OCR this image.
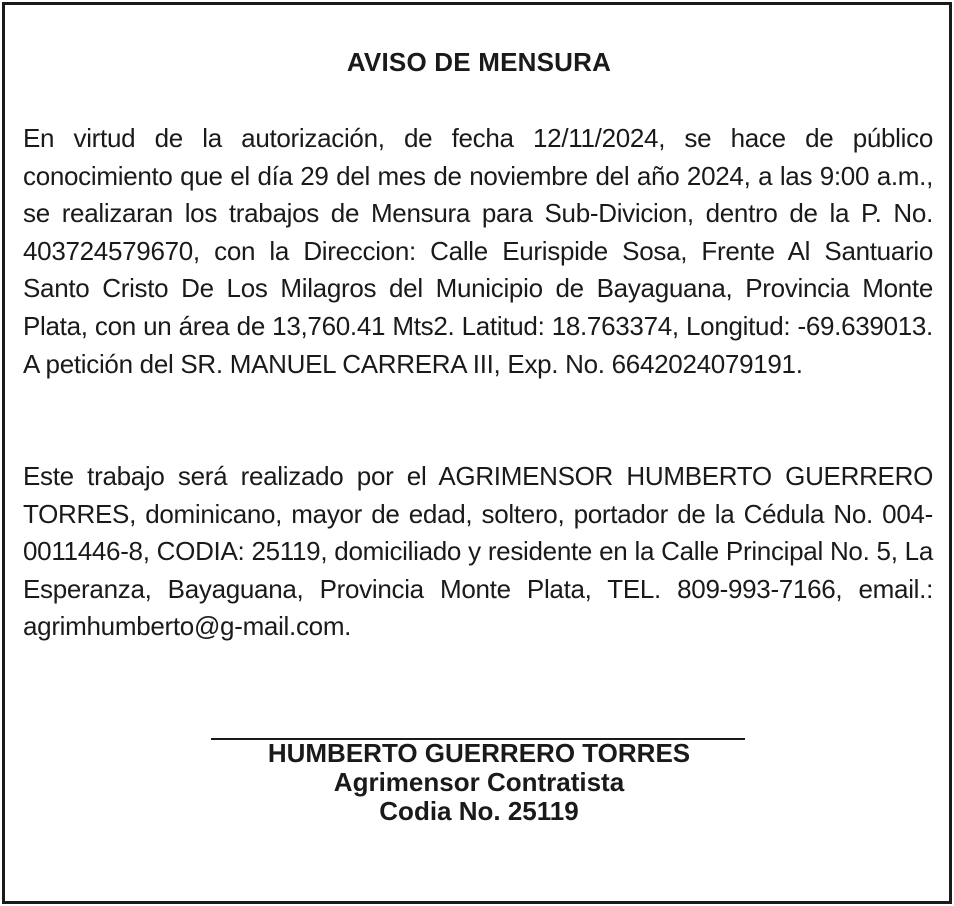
AVISO DE MENSURA
En virtud de la autorización, de fecha 12/11/2024, se hace de público conocimiento que el día 29 del mes de noviembre del año 2024, a las 9:00 a.m., se realizaran los trabajos de Mensura para Sub-Divicion, dentro de la P. No. 403724579670, con la Direccion: Calle Eurispide Sosa, Frente Al Santuario Santo Cristo De Los Milagros del Municipio de Bayaguana, Provincia Monte Plata, con un área de 13,760.41 Mts2. Latitud: 18.763374, Longitud: -69.639013. A petición del SR. MANUEL CARRERA III, Exp. No. 6642024079191.
Este trabajo será realizado por el AGRIMENSOR HUMBERTO GUERRERO TORRES, dominicano, mayor de edad, soltero, portador de la Cédula No. 004-0011446-8, CODIA: 25119, domiciliado y residente en la Calle Principal No. 5, La Esperanza, Bayaguana, Provincia Monte Plata, TEL. 809-993-7166, email.: agrimhumberto@g-mail.com.
HUMBERTO GUERRERO TORRES
Agrimensor Contratista
Codia No. 25119
